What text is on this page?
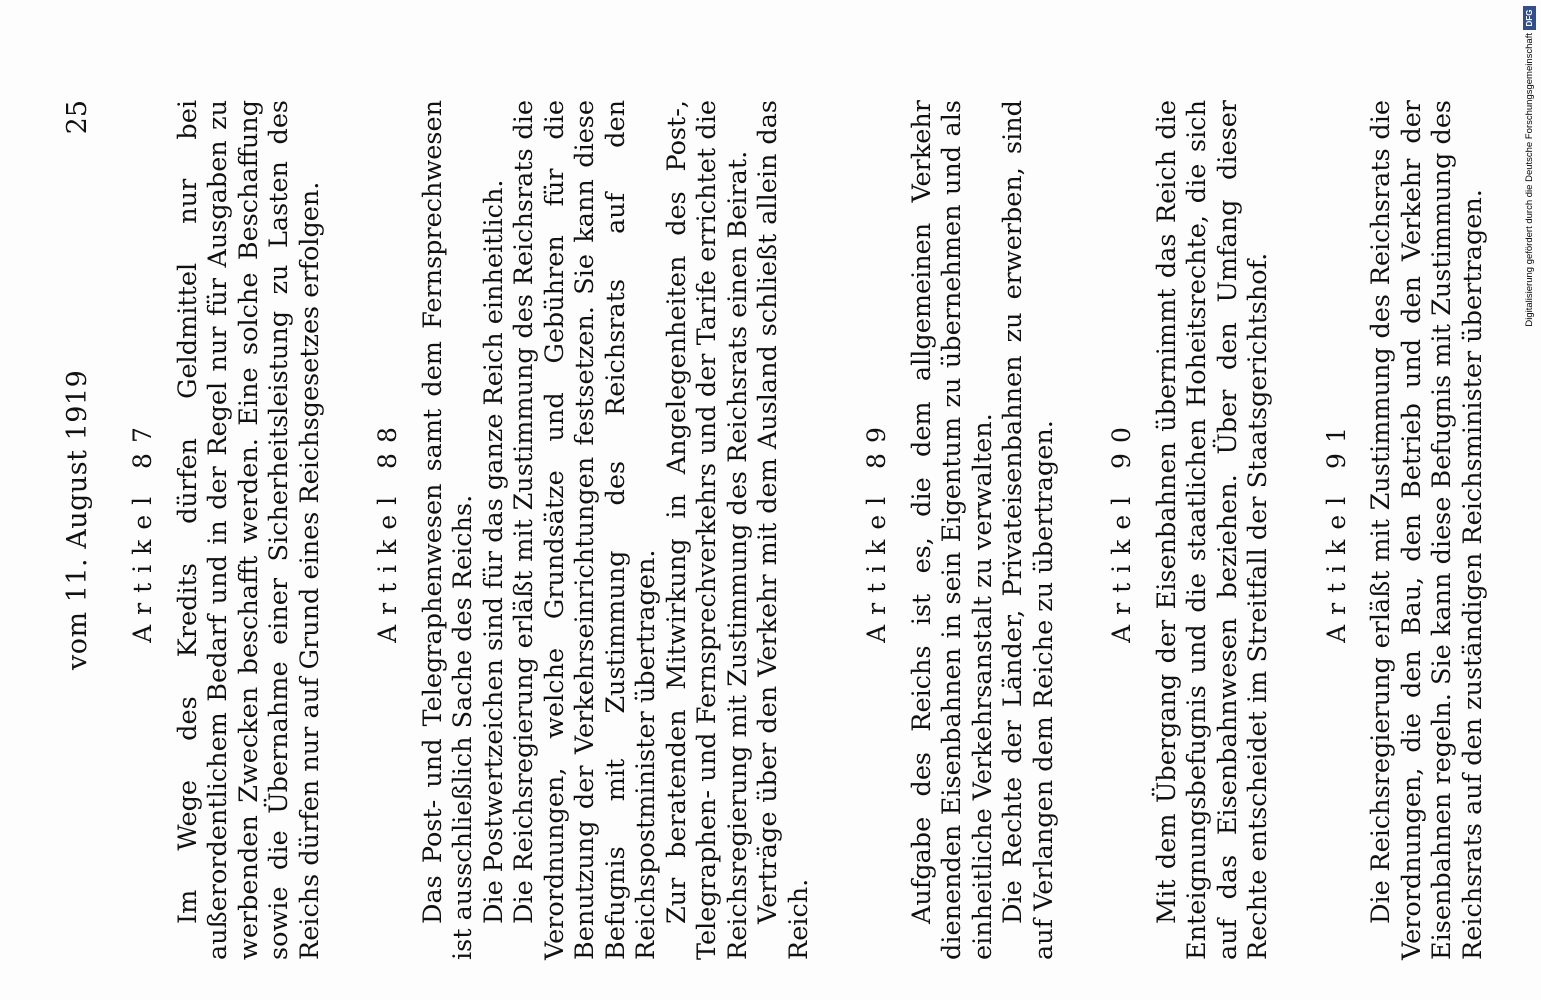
vom 11. August 1919
25
Artikel 87 Im Wege des Kredits dürfen Geldmittel nur bei außerordentlichem Bedarf und in der Regel nur für Ausgaben zu werbenden Zwecken beschafft werden. Eine solche Beschaffung sowie die Übernahme einer Sicherheitsleistung zu Lasten des Reichs dürfen nur auf Grund eines Reichsgesetzes erfolgen. Artikel 88 Das Post- und Telegraphenwesen samt dem Fernsprechwesen ist ausschließlich Sache des Reichs. Die Postwertzeichen sind für das ganze Reich einheitlich. Die Reichsregierung erläßt mit Zustimmung des Reichsrats die Verordnungen, welche Grundsätze und Gebühren für die Benutzung der Verkehrseinrichtungen festsetzen. Sie kann diese Befugnis mit Zustimmung des Reichsrats auf den Reichspostminister übertragen. Zur beratenden Mitwirkung in Angelegenheiten des Post-, Telegraphen- und Fernsprechverkehrs und der Tarife errichtet die Reichsregierung mit Zustimmung des Reichsrats einen Beirat. Verträge über den Verkehr mit dem Ausland schließt allein das Reich.

Artikel 89 Aufgabe des Reichs ist es, die dem allgemeinen Verkehr dienenden Eisenbahnen in sein Eigentum zu übernehmen und als einheitliche Verkehrsanstalt zu verwalten. Die Rechte der Länder, Privateisenbahnen zu erwerben, sind auf Verlangen dem Reiche zu übertragen. Artikel 90 Mit dem Übergang der Eisenbahnen übernimmt das Reich die Enteignungsbefugnis und die staatlichen Hoheitsrechte, die sich auf das Eisenbahnwesen beziehen. Über den Umfang dieser Rechte entscheidet im Streitfall der Staatsgerichtshof. Artikel 91 Die Reichsregierung erläßt mit Zustimmung des Reichsrats die Verordnungen, die den Bau, den Betrieb und den Verkehr der Eisenbahnen regeln. Sie kann diese Befugnis mit Zustimmung des Reichsrats auf den zuständigen Reichsminister übertragen.

Digitalisierung gefördert durch die Deutsche Forschungsgemeinschaft
DFG
